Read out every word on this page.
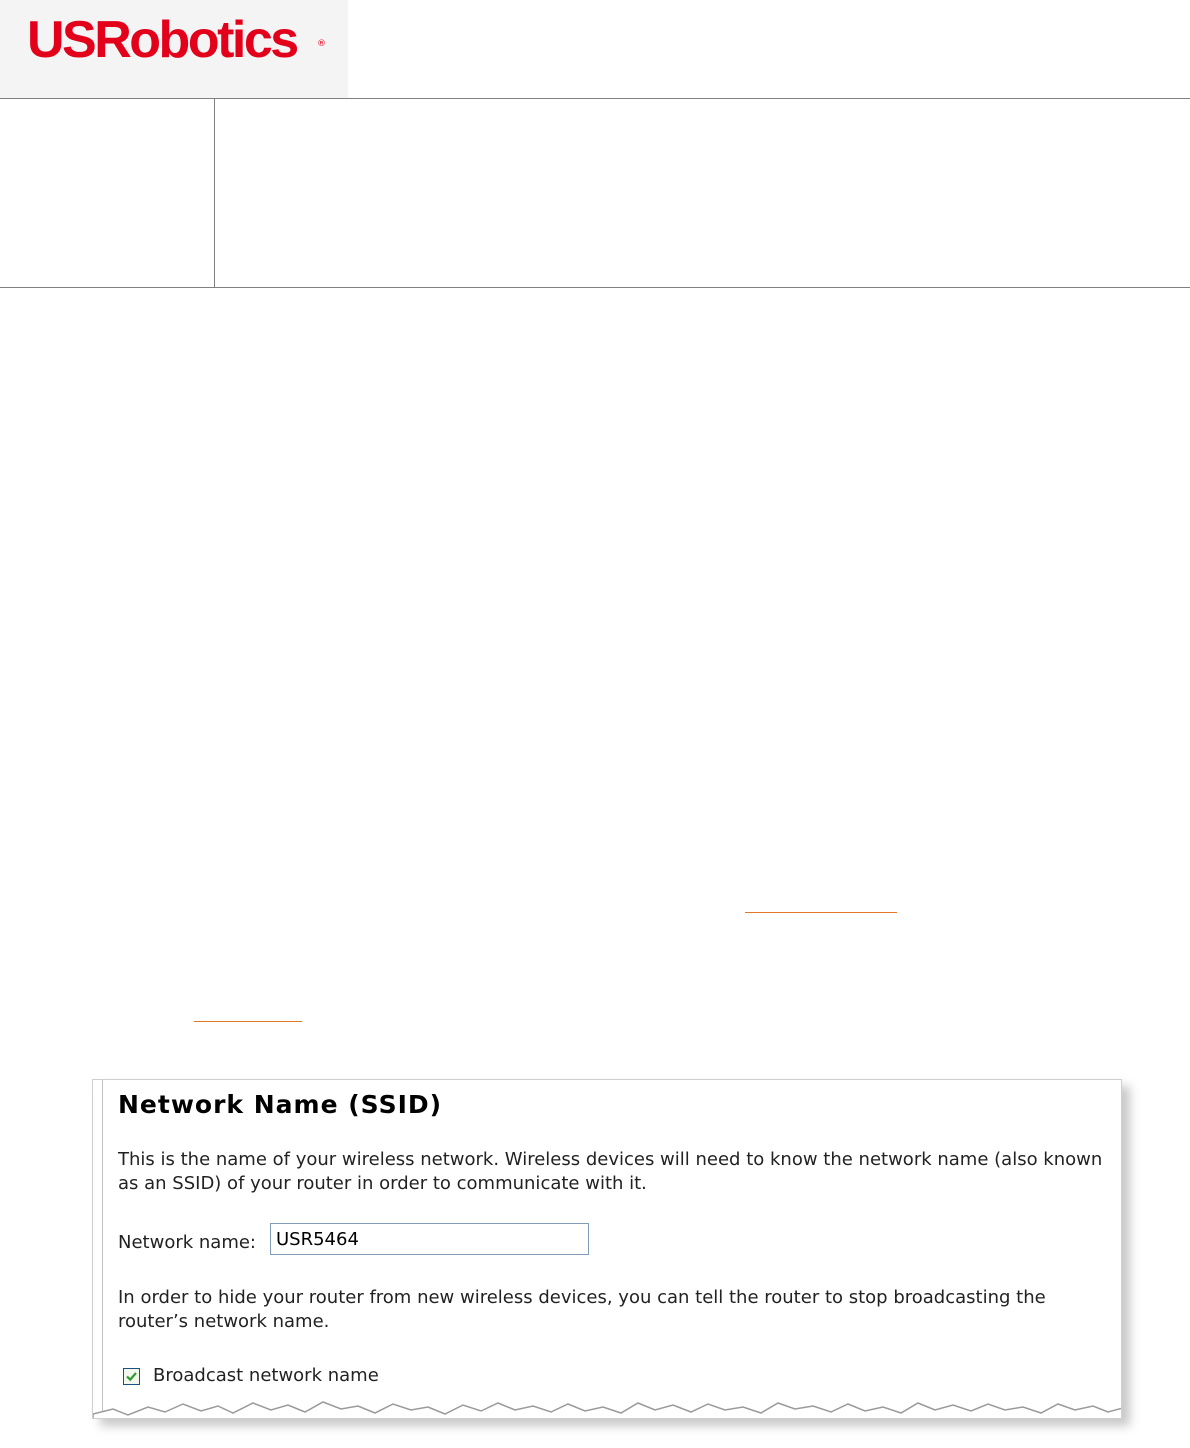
USRobotics ®
Network Name (SSID)

This is the name of your wireless network. Wireless devices will need to know the network name (also known as an SSID) of your router in order to communicate with it.

Network name:
USR5464

In order to hide your router from new wireless devices, you can tell the router to stop broadcasting the router’s network name.

Broadcast network name
